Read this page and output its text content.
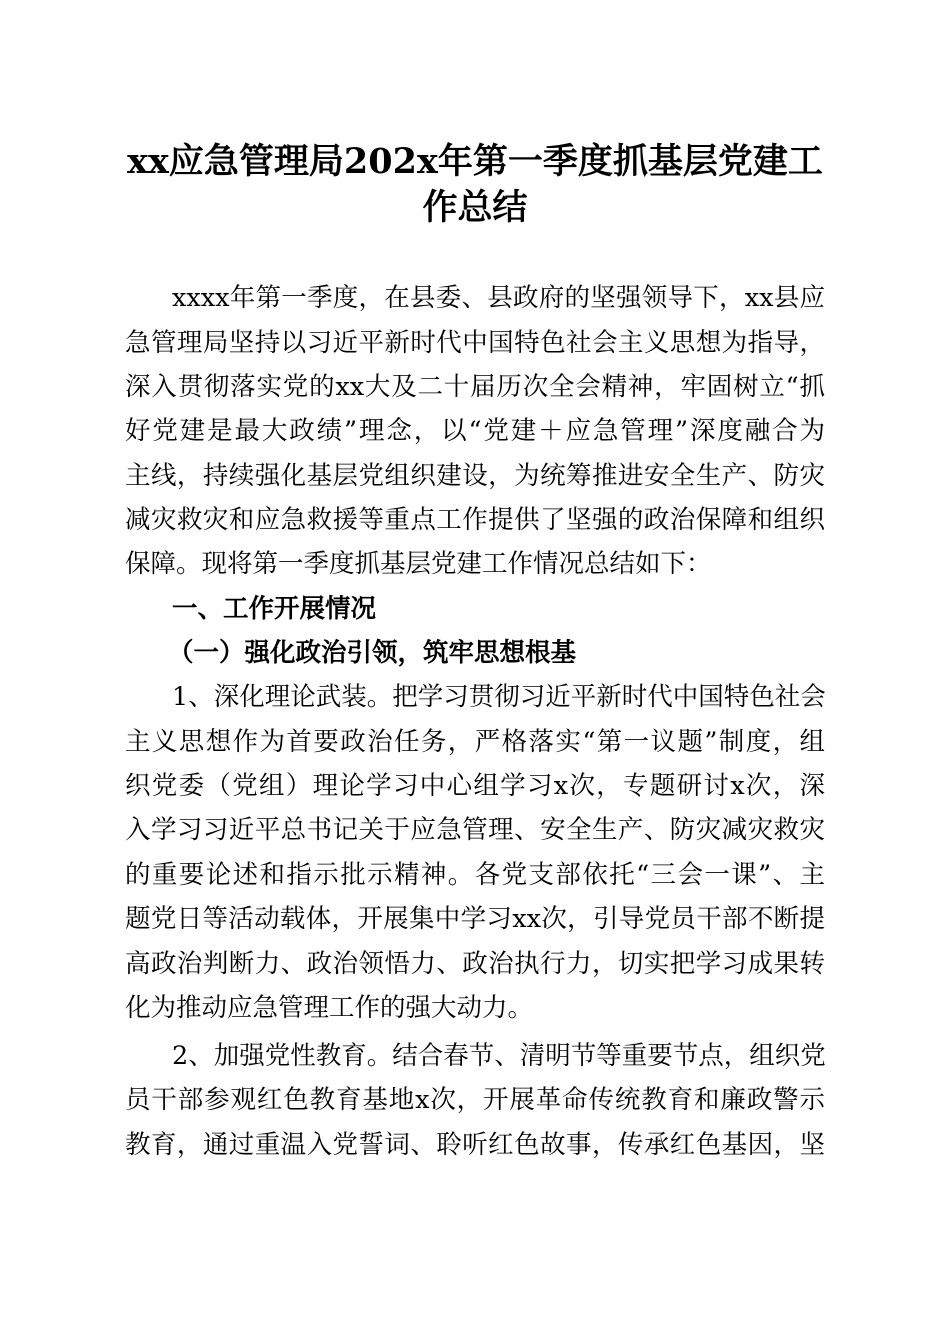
xx应急管理局202x年第一季度抓基层党建工
作总结
xxxx年第一季度，在县委、县政府的坚强领导下，xx县应
急管理局坚持以习近平新时代中国特色社会主义思想为指导，
深入贯彻落实党的xx大及二十届历次全会精神，牢固树立“抓
好党建是最大政绩”理念，以“党建＋应急管理”深度融合为
主线，持续强化基层党组织建设，为统筹推进安全生产、防灾
减灾救灾和应急救援等重点工作提供了坚强的政治保障和组织
保障。现将第一季度抓基层党建工作情况总结如下：
一、工作开展情况
（一）强化政治引领，筑牢思想根基
1、深化理论武装。把学习贯彻习近平新时代中国特色社会
主义思想作为首要政治任务，严格落实“第一议题”制度，组
织党委（党组）理论学习中心组学习x次，专题研讨x次，深
入学习习近平总书记关于应急管理、安全生产、防灾减灾救灾
的重要论述和指示批示精神。各党支部依托“三会一课”、主
题党日等活动载体，开展集中学习xx次，引导党员干部不断提
高政治判断力、政治领悟力、政治执行力，切实把学习成果转
化为推动应急管理工作的强大动力。
2、加强党性教育。结合春节、清明节等重要节点，组织党
员干部参观红色教育基地x次，开展革命传统教育和廉政警示
教育，通过重温入党誓词、聆听红色故事，传承红色基因，坚
